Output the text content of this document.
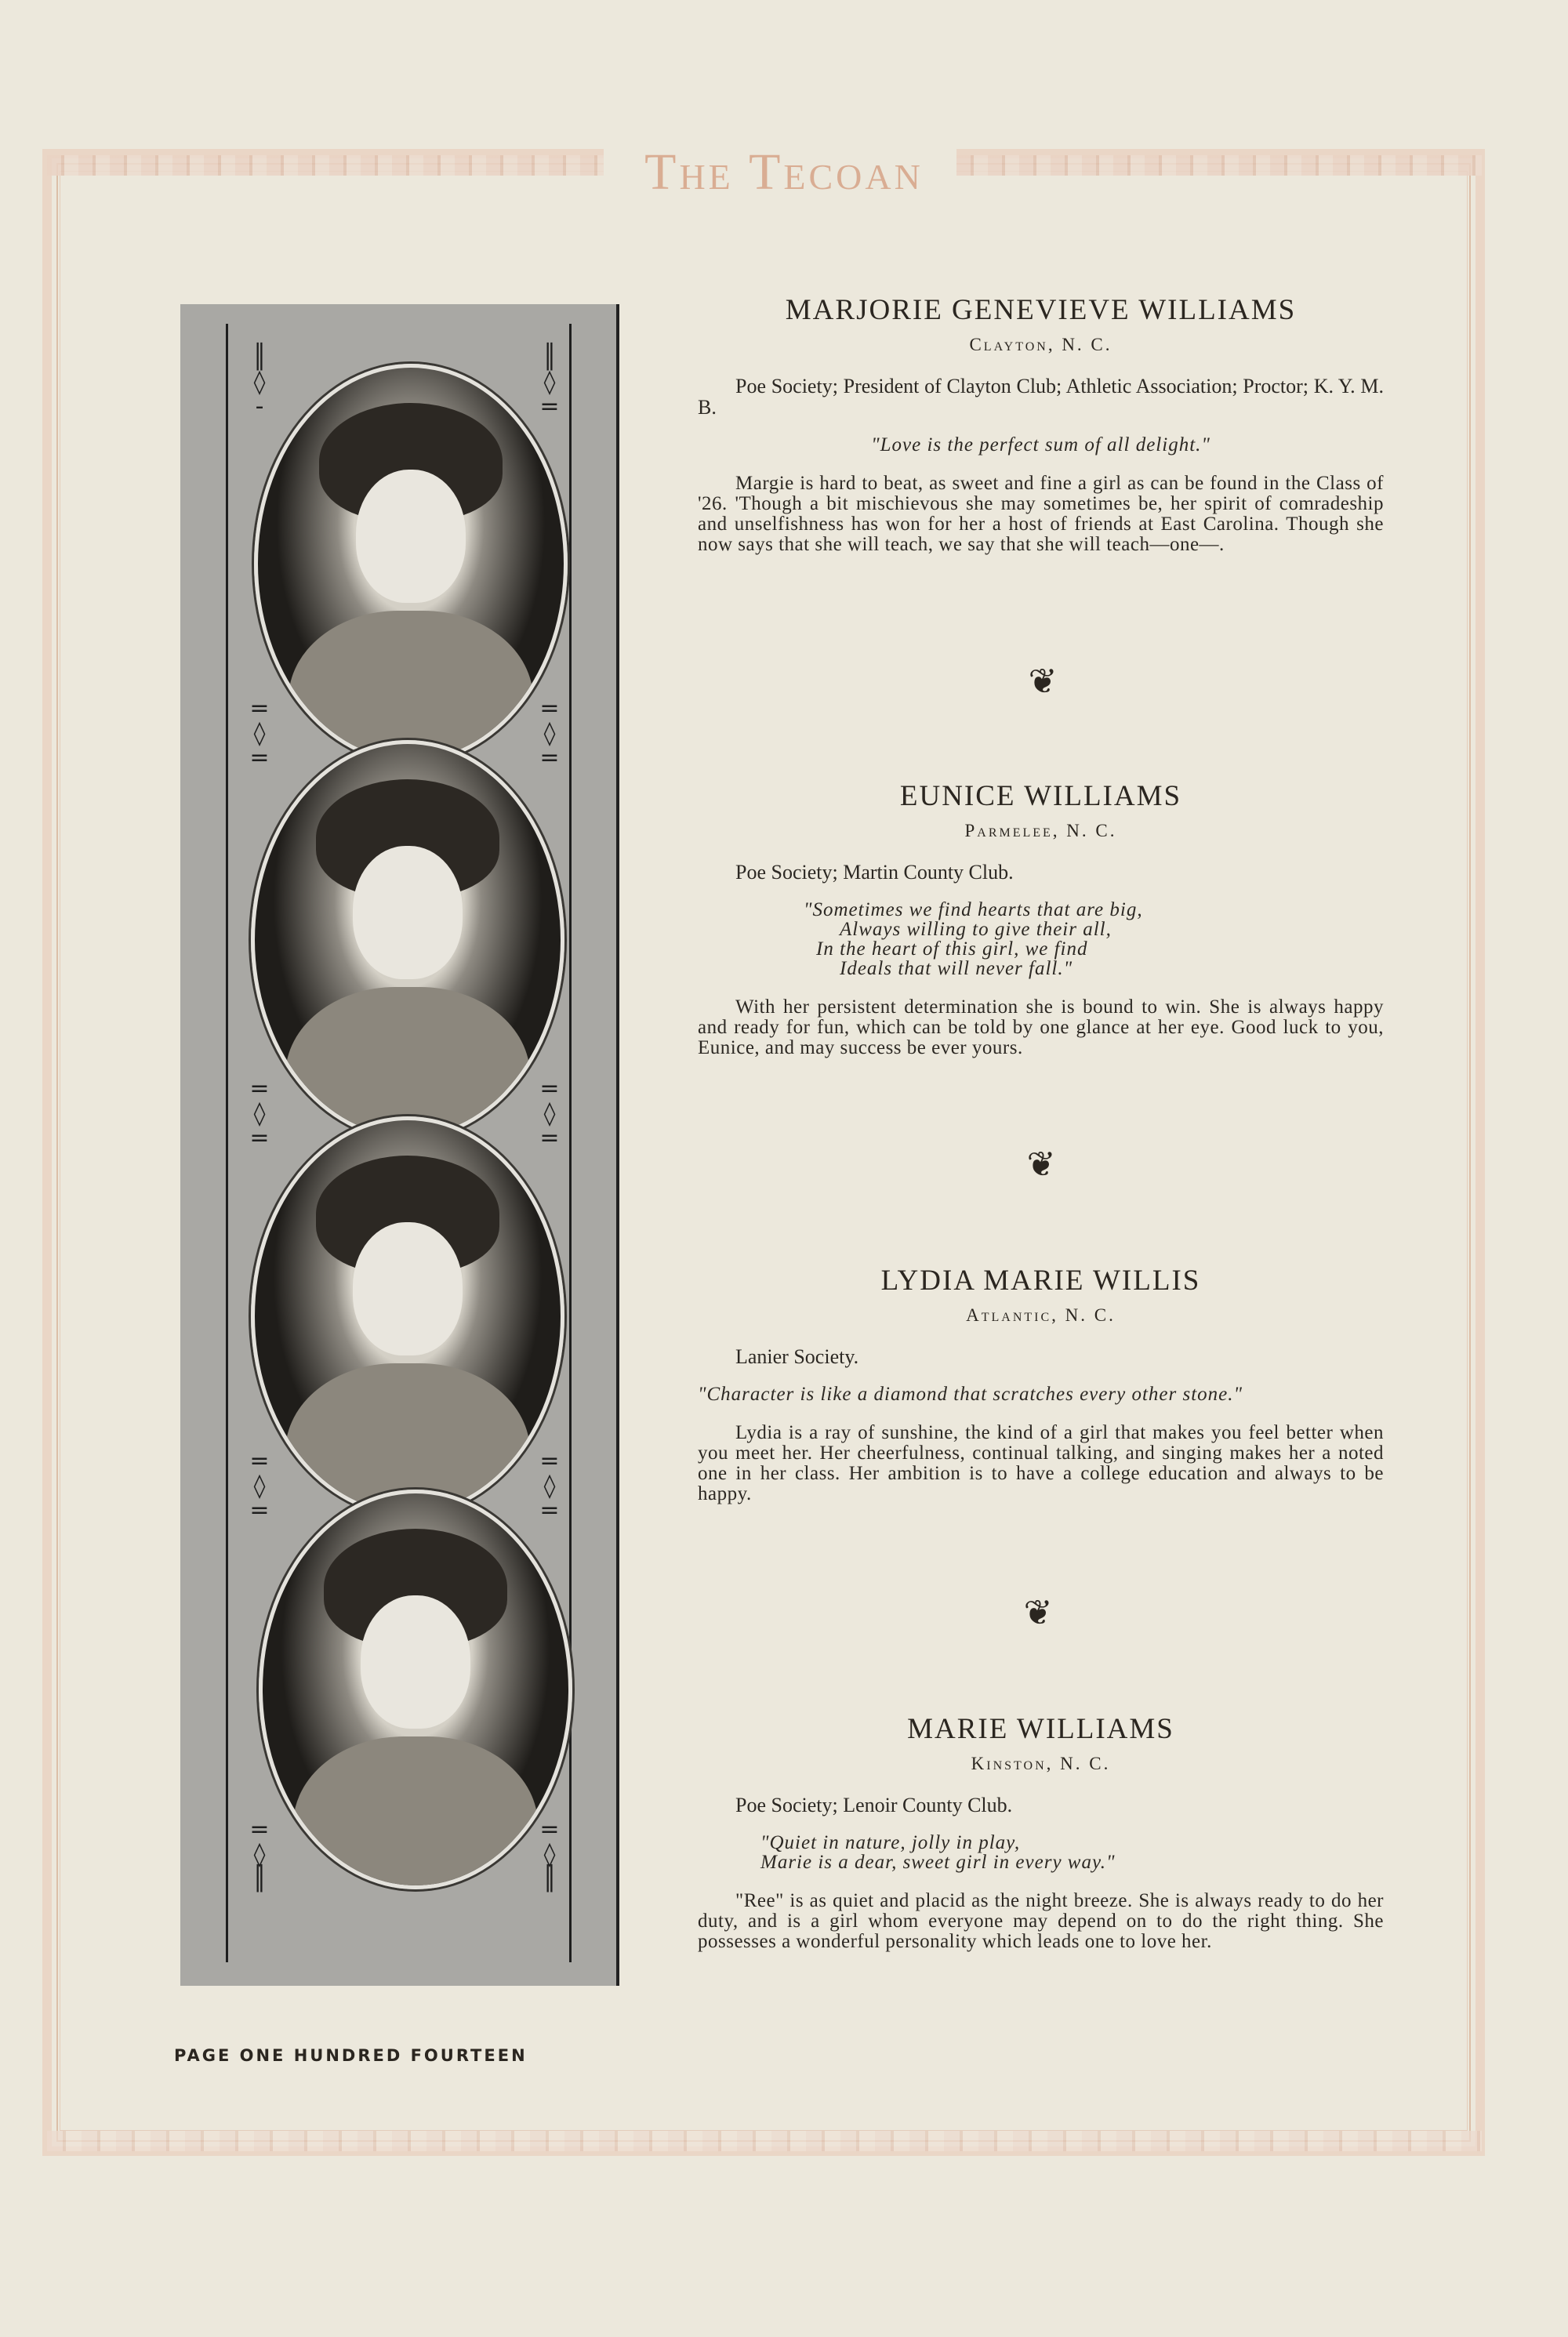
The Tecoan
║
◊
-
║
◊
=
=
◊
=
=
◊
=
=
◊
=
=
◊
=
=
◊
=
=
◊
=
=
◊
║
=
◊
║
MARJORIE GENEVIEVE WILLIAMS
Clayton, N. C.
Poe Society; President of Clayton Club; Athletic Association; Proctor; K. Y. M. B.
"Love is the perfect sum of all delight."
Margie is hard to beat, as sweet and fine a girl as can be found in the Class of '26. 'Though a bit mischievous she may sometimes be, her spirit of comradeship and unselfishness has won for her a host of friends at East Carolina. Though she now says that she will teach, we say that she will teach—one—.
❦
EUNICE WILLIAMS
Parmelee, N. C.
Poe Society; Martin County Club.
"Sometimes we find hearts that are big,
Always willing to give their all,
In the heart of this girl, we find
Ideals that will never fall."
With her persistent determination she is bound to win. She is always happy and ready for fun, which can be told by one glance at her eye. Good luck to you, Eunice, and may success be ever yours.
❦
LYDIA MARIE WILLIS
Atlantic, N. C.
Lanier Society.
"Character is like a diamond that scratches every other stone."
Lydia is a ray of sunshine, the kind of a girl that makes you feel better when you meet her. Her cheerfulness, continual talking, and singing makes her a noted one in her class. Her ambition is to have a college education and always to be happy.
❦
MARIE WILLIAMS
Kinston, N. C.
Poe Society; Lenoir County Club.
"Quiet in nature, jolly in play,
Marie is a dear, sweet girl in every way."
"Ree" is as quiet and placid as the night breeze. She is always ready to do her duty, and is a girl whom everyone may depend on to do the right thing. She possesses a wonderful personality which leads one to love her.
PAGE ONE HUNDRED FOURTEEN
